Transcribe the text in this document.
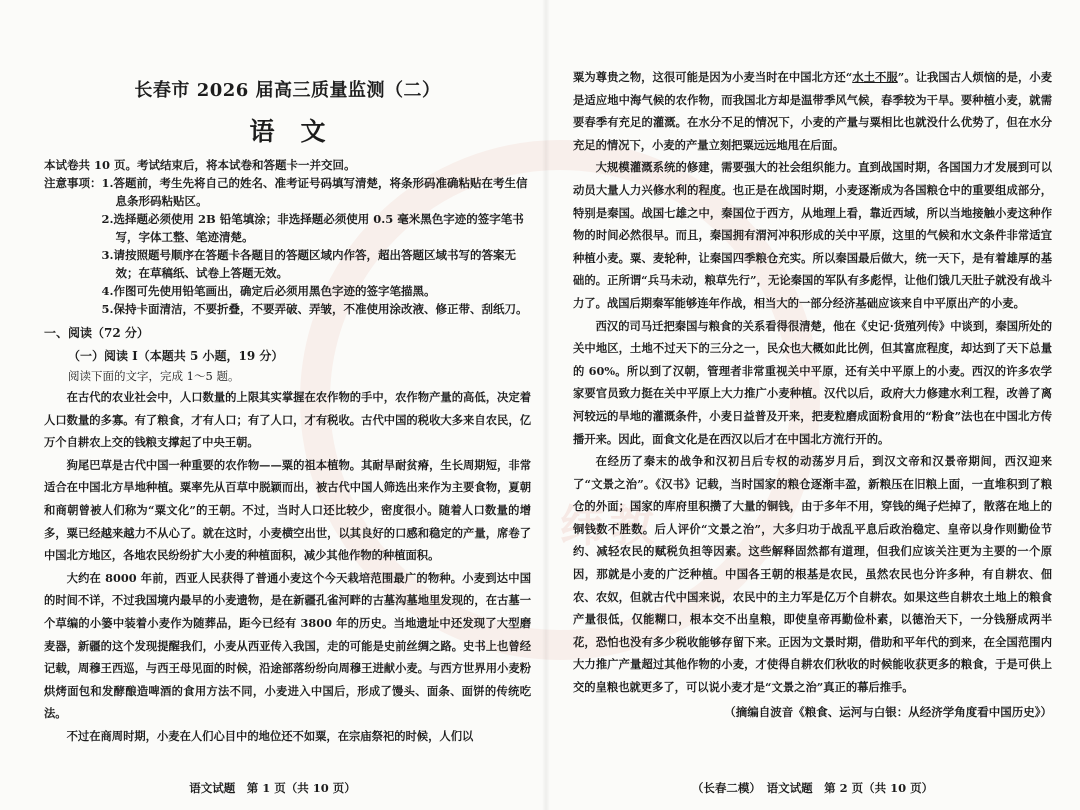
纬教
长春市 2026 届高三质量监测（二）
语文
本试卷共 10 页。考试结束后，将本试卷和答题卡一并交回。
注意事项： 1.答题前，考生先将自己的姓名、准考证号码填写清楚，将条形码准确粘贴在考生信息条形码粘贴区。
2.选择题必须使用 2B 铅笔填涂；非选择题必须使用 0.5 毫米黑色字迹的签字笔书写，字体工整、笔迹清楚。
3.请按照题号顺序在答题卡各题目的答题区域内作答，超出答题区域书写的答案无效；在草稿纸、试卷上答题无效。
4.作图可先使用铅笔画出，确定后必须用黑色字迹的签字笔描黑。
5.保持卡面清洁，不要折叠，不要弄破、弄皱，不准使用涂改液、修正带、刮纸刀。
一、阅读（72 分）
（一）阅读 I（本题共 5 小题，19 分）
阅读下面的文字，完成 1～5 题。

在古代的农业社会中，人口数量的上限其实掌握在农作物的手中，农作物产量的高低，决定着人口数量的多寡。有了粮食，才有人口；有了人口，才有税收。古代中国的税收大多来自农民，亿万个自耕农上交的钱粮支撑起了中央王朝。

狗尾巴草是古代中国一种重要的农作物——粟的祖本植物。其耐旱耐贫瘠，生长周期短，非常适合在中国北方旱地种植。粟率先从百草中脱颖而出，被古代中国人筛选出来作为主要食物，夏朝和商朝曾被人们称为“粟文化”的王朝。不过，当时人口还比较少，密度很小。随着人口数量的增多，粟已经越来越力不从心了。就在这时，小麦横空出世，以其良好的口感和稳定的产量，席卷了中国北方地区，各地农民纷纷扩大小麦的种植面积，减少其他作物的种植面积。

大约在 8000 年前，西亚人民获得了普通小麦这个今天栽培范围最广的物种。小麦到达中国的时间不详，不过我国境内最早的小麦遗物，是在新疆孔雀河畔的古墓沟墓地里发现的，在古墓一个草编的小篓中装着小麦作为随葬品，距今已经有 3800 年的历史。当地遗址中还发现了大型磨麦器，新疆的这个发现提醒我们，小麦从西亚传入我国，走的可能是史前丝绸之路。史书上也曾经记载，周穆王西巡，与西王母见面的时候，沿途部落纷纷向周穆王进献小麦。与西方世界用小麦粉烘烤面包和发酵酿造啤酒的食用方法不同，小麦进入中国后，形成了馒头、面条、面饼的传统吃法。

不过在商周时期，小麦在人们心目中的地位还不如粟，在宗庙祭祀的时候，人们以

粟为尊贵之物，这很可能是因为小麦当时在中国北方还“水土不服”。让我国古人烦恼的是，小麦是适应地中海气候的农作物，而我国北方却是温带季风气候，春季较为干旱。要种植小麦，就需要春季有充足的灌溉。在水分不足的情况下，小麦的产量与粟相比也就没什么优势了，但在水分充足的情况下，小麦的产量立刻把粟远远地甩在后面。

大规模灌溉系统的修建，需要强大的社会组织能力。直到战国时期，各国国力才发展到可以动员大量人力兴修水利的程度。也正是在战国时期，小麦逐渐成为各国粮仓中的重要组成部分，特别是秦国。战国七雄之中，秦国位于西方，从地理上看，靠近西域，所以当地接触小麦这种作物的时间必然很早。而且，秦国拥有渭河冲积形成的关中平原，这里的气候和水文条件非常适宜种植小麦。粟、麦轮种，让秦国四季粮仓充实。所以秦国最后做大，统一天下，是有着雄厚的基础的。正所谓“兵马未动，粮草先行”，无论秦国的军队有多彪悍，让他们饿几天肚子就没有战斗力了。战国后期秦军能够连年作战，相当大的一部分经济基础应该来自中平原出产的小麦。

西汉的司马迁把秦国与粮食的关系看得很清楚，他在《史记·货殖列传》中谈到，秦国所处的关中地区，土地不过天下的三分之一，民众也大概如此比例，但其富庶程度，却达到了天下总量的 60%。所以到了汉朝，管理者非常重视关中平原，还有关中平原上的小麦。西汉的许多农学家要官员致力挺在关中平原上大力推广小麦种植。汉代以后，政府大力修建水利工程，改善了离河较远的旱地的灌溉条件，小麦日益普及开来，把麦粒磨成面粉食用的“粉食”法也在中国北方传播开来。因此，面食文化是在西汉以后才在中国北方流行开的。

在经历了秦末的战争和汉初吕后专权的动荡岁月后，到汉文帝和汉景帝期间，西汉迎来了“文景之治”。《汉书》记载，当时国家的粮仓逐渐丰盈，新粮压在旧粮上面，一直堆积到了粮仓的外面；国家的库府里积攒了大量的铜钱，由于多年不用，穿钱的绳子烂掉了，散落在地上的铜钱数不胜数。后人评价“文景之治”，大多归功于战乱平息后政治稳定、皇帝以身作则勤俭节约、减轻农民的赋税负担等因素。这些解释固然都有道理，但我们应该关注更为主要的一个原因，那就是小麦的广泛种植。中国各王朝的根基是农民，虽然农民也分许多种，有自耕农、佃农、农奴，但就古代中国来说，农民中的主力军是亿万个自耕农。如果这些自耕农土地上的粮食产量很低，仅能糊口，根本交不出皇粮，即使皇帝再勤俭朴素，以德治天下，一分钱掰成两半花，恐怕也没有多少税收能够存留下来。正因为文景时期，借助和平年代的到来，在全国范围内大力推广产量超过其他作物的小麦，才使得自耕农们秋收的时候能收获更多的粮食，于是可供上交的皇粮也就更多了，可以说小麦才是“文景之治”真正的幕后推手。

（摘编自波音《粮食、运河与白银：从经济学角度看中国历史》）
语文试题　第 1 页（共 10 页）	（长春二模）　语文试题　第 2 页（共 10 页）
